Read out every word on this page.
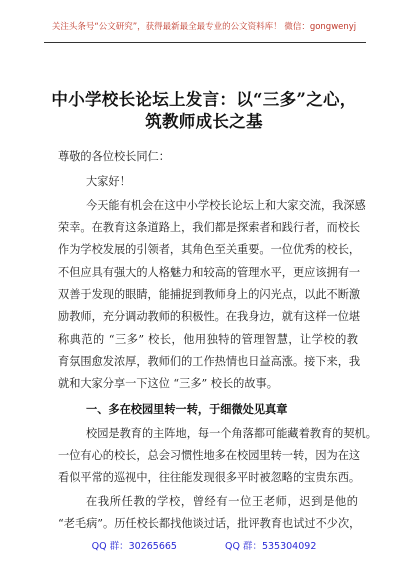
关注头条号“公文研究”，获得最新最全最专业的公文资料库！ 微信：gongwenyj
中小学校长论坛上发言：以“三多”之心，
筑教师成长之基
尊敬的各位校长同仁：
大家好！
今天能有机会在这中小学校长论坛上和大家交流，我深感
荣幸。在教育这条道路上，我们都是探索者和践行者，而校长
作为学校发展的引领者，其角色至关重要。一位优秀的校长，
不但应具有强大的人格魅力和较高的管理水平，更应该拥有一
双善于发现的眼睛，能捕捉到教师身上的闪光点，以此不断激
励教师，充分调动教师的积极性。在我身边，就有这样一位堪
称典范的 “三多” 校长，他用独特的管理智慧，让学校的教
育氛围愈发浓厚，教师们的工作热情也日益高涨。接下来，我
就和大家分享一下这位 “三多” 校长的故事。
一、多在校园里转一转，于细微处见真章
校园是教育的主阵地，每一个角落都可能藏着教育的契机。
一位有心的校长，总会习惯性地多在校园里转一转，因为在这
看似平常的巡视中，往往能发现很多平时被忽略的宝贵东西。
在我所任教的学校，曾经有一位王老师，迟到是他的
“老毛病”。历任校长都找他谈过话，批评教育也试过不少次，
QQ 群：30265665	QQ 群：535304092
